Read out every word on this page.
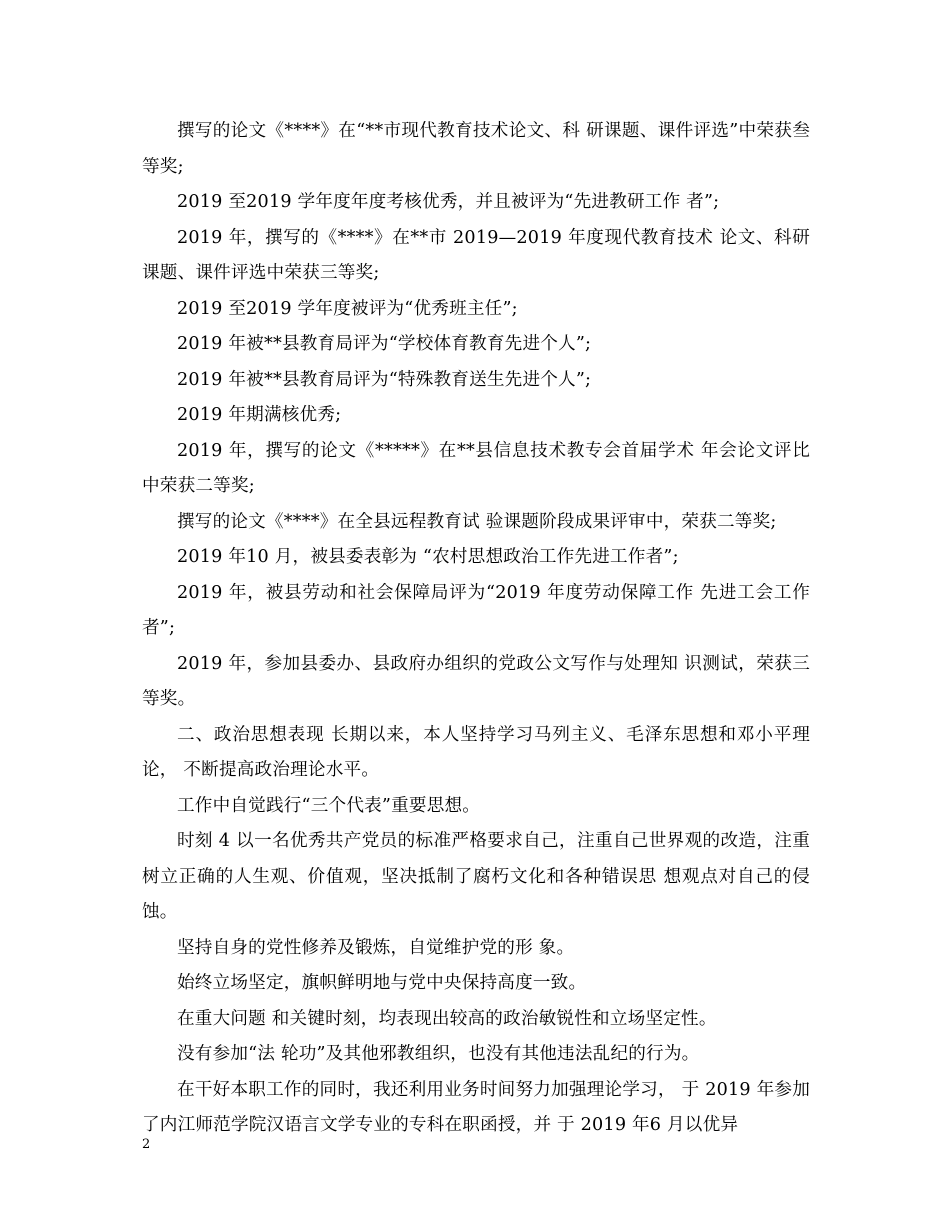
撰写的论文《****》在“**市现代教育技术论文、科 研课题、课件评选”中荣获叁等奖;

2019 至2019 学年度年度考核优秀，并且被评为“先进教研工作 者”;

2019 年，撰写的《****》在**市 2019—2019 年度现代教育技术 论文、科研课题、课件评选中荣获三等奖;

2019 至2019 学年度被评为“优秀班主任”;

2019 年被**县教育局评为“学校体育教育先进个人”;

2019 年被**县教育局评为“特殊教育送生先进个人”;

2019 年期满核优秀;

2019 年，撰写的论文《*****》在**县信息技术教专会首届学术 年会论文评比中荣获二等奖;

撰写的论文《****》在全县远程教育试 验课题阶段成果评审中，荣获二等奖;

2019 年10 月，被县委表彰为 “农村思想政治工作先进工作者”;

2019 年，被县劳动和社会保障局评为“2019 年度劳动保障工作 先进工会工作者”;

2019 年，参加县委办、县政府办组织的党政公文写作与处理知 识测试，荣获三等奖。

二、政治思想表现 长期以来，本人坚持学习马列主义、毛泽东思想和邓小平理论， 不断提高政治理论水平。

工作中自觉践行“三个代表”重要思想。

时刻 4 以一名优秀共产党员的标准严格要求自己，注重自己世界观的改造，注重树立正确的人生观、价值观，坚决抵制了腐朽文化和各种错误思 想观点对自己的侵蚀。

坚持自身的党性修养及锻炼，自觉维护党的形 象。

始终立场坚定，旗帜鲜明地与党中央保持高度一致。

在重大问题 和关键时刻，均表现出较高的政治敏锐性和立场坚定性。

没有参加“法 轮功”及其他邪教组织，也没有其他违法乱纪的行为。

在干好本职工作的同时，我还利用业务时间努力加强理论学习， 于 2019 年参加了内江师范学院汉语言文学专业的专科在职函授，并 于 2019 年6 月以优异

2
